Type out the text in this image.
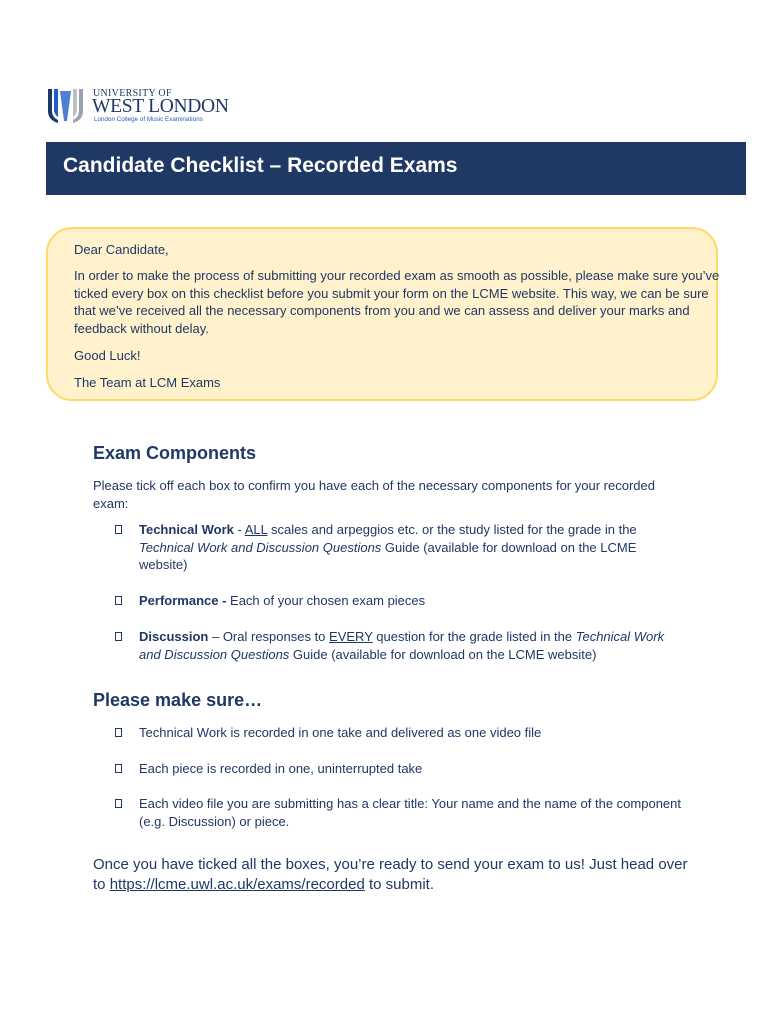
UNIVERSITY OF
WEST LONDON
London College of Music Examinations
Candidate Checklist – Recorded Exams

Dear Candidate,

In order to make the process of submitting your recorded exam as smooth as possible, please make sure you’ve ticked every box on this checklist before you submit your form on the LCME website. This way, we can be sure that we’ve received all the necessary components from you and we can assess and deliver your marks and feedback without delay.

Good Luck!

The Team at LCM Exams

Exam Components

Please tick off each box to confirm you have each of the necessary components for your recorded exam:

Technical Work - ALL scales and arpeggios etc. or the study listed for the grade in the Technical Work and Discussion Questions Guide (available for download on the LCME website)
Performance - Each of your chosen exam pieces
Discussion – Oral responses to EVERY question for the grade listed in the Technical Work and Discussion Questions Guide (available for download on the LCME website)
Please make sure…
Technical Work is recorded in one take and delivered as one video file
Each piece is recorded in one, uninterrupted take
Each video file you are submitting has a clear title: Your name and the name of the component (e.g. Discussion) or piece.

Once you have ticked all the boxes, you’re ready to send your exam to us! Just head over to https://lcme.uwl.ac.uk/exams/recorded to submit.
